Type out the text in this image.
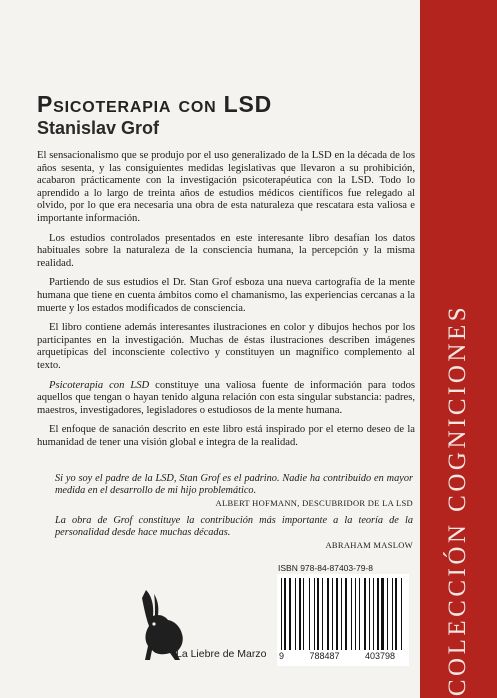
Psicoterapia con LSD
Stanislav Grof

El sensacionalismo que se produjo por el uso generalizado de la LSD en la década de los años sesenta, y las consiguientes medidas legislativas que llevaron a su prohibición, acabaron prácticamente con la investigación psicoterapéutica con la LSD. Todo lo aprendido a lo largo de treinta años de estudios médicos científicos fue relegado al olvido, por lo que era necesaria una obra de esta naturaleza que rescatara esta valiosa e importante información.

Los estudios controlados presentados en este interesante libro desafían los datos habituales sobre la naturaleza de la consciencia humana, la percepción y la misma realidad.

Partiendo de sus estudios el Dr. Stan Grof esboza una nueva cartografía de la mente humana que tiene en cuenta ámbitos como el chamanismo, las experiencias cercanas a la muerte y los estados modificados de consciencia.

El libro contiene además interesantes ilustraciones en color y dibujos hechos por los participantes en la investigación. Muchas de éstas ilustraciones describen imágenes arquetípicas del inconsciente colectivo y constituyen un magnífico complemento al texto.

Psicoterapia con LSD constituye una valiosa fuente de información para todos aquellos que tengan o hayan tenido alguna relación con esta singular substancia: padres, maestros, investigadores, legisladores o estudiosos de la mente humana.

El enfoque de sanación descrito en este libro está inspirado por el eterno deseo de la humanidad de tener una visión global e integra de la realidad.

Si yo soy el padre de la LSD, Stan Grof es el padrino. Nadie ha contribuido en mayor medida en el desarrollo de mi hijo problemático.
ALBERT HOFMANN, DESCUBRIDOR DE LA LSD
La obra de Grof constituye la contribución más importante a la teoría de la personalidad desde hace muchas décadas.
ABRAHAM MASLOW
ISBN 978-84-87403-79-8
9	788487	403798
La Liebre de Marzo	COLECCIÓN COGNICIONES
